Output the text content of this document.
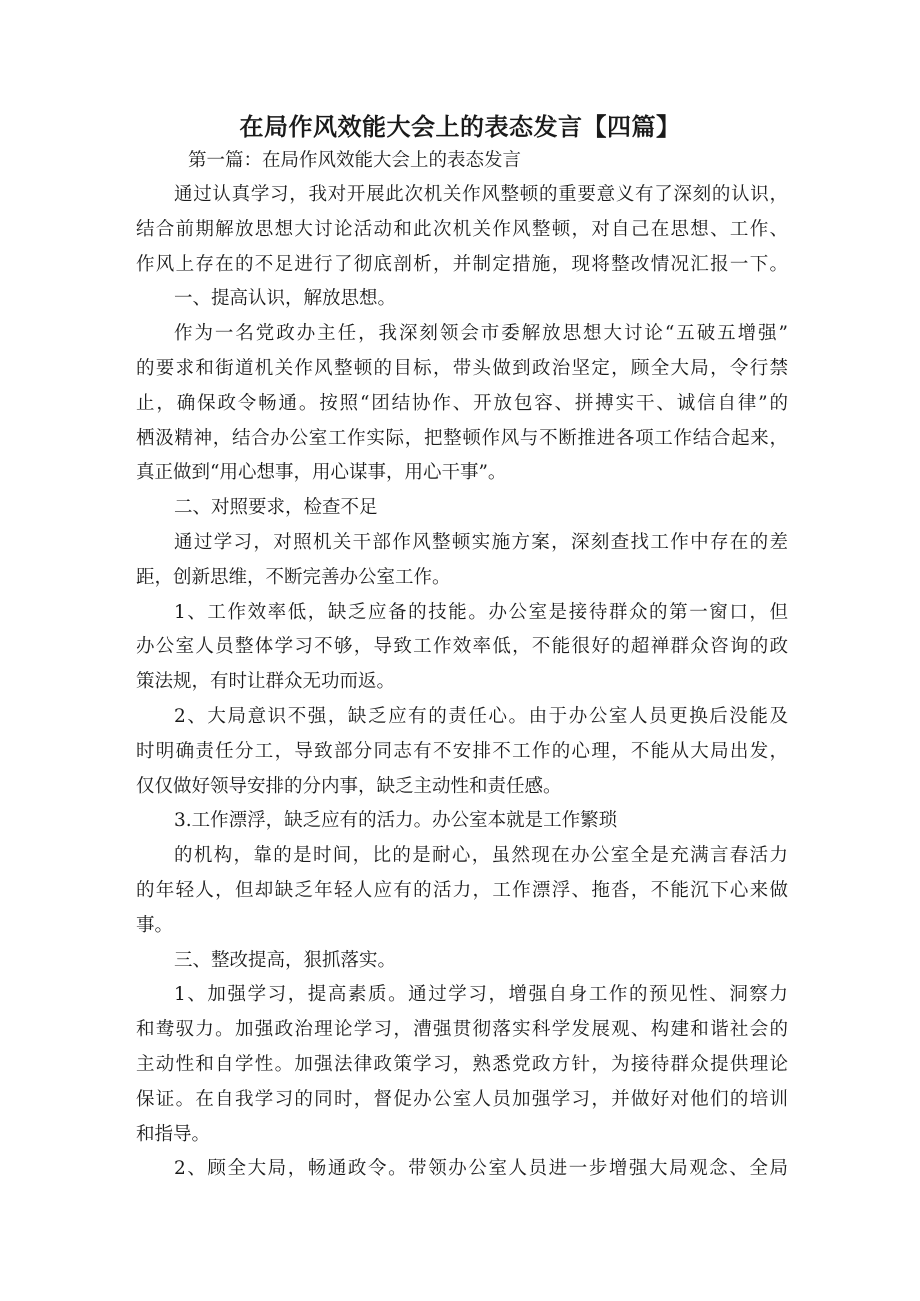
在局作风效能大会上的表态发言【四篇】

第一篇：在局作风效能大会上的表态发言

通过认真学习，我对开展此次机关作风整顿的重要意义有了深刻的认识，

结合前期解放思想大讨论活动和此次机关作风整顿，对自己在思想、工作、

作风上存在的不足进行了彻底剖析，并制定措施，现将整改情况汇报一下。

一、提高认识，解放思想。

作为一名党政办主任，我深刻领会市委解放思想大讨论“五破五增强”

的要求和街道机关作风整顿的目标，带头做到政治坚定，顾全大局，令行禁

止，确保政令畅通。按照“团结协作、开放包容、拼搏实干、诚信自律”的

栖汲精神，结合办公室工作实际，把整顿作风与不断推进各项工作结合起来，

真正做到“用心想事，用心谋事，用心干事”。

二、对照要求，检查不足

通过学习，对照机关干部作风整顿实施方案，深刻查找工作中存在的差

距，创新思维，不断完善办公室工作。

1、工作效率低，缺乏应备的技能。办公室是接待群众的第一窗口，但

办公室人员整体学习不够，导致工作效率低，不能很好的超禅群众咨询的政

策法规，有时让群众无功而返。

2、大局意识不强，缺乏应有的责任心。由于办公室人员更换后没能及

时明确责任分工，导致部分同志有不安排不工作的心理，不能从大局出发，

仅仅做好领导安排的分内事，缺乏主动性和责任感。

3.工作漂浮，缺乏应有的活力。办公室本就是工作繁琐

的机构，靠的是时间，比的是耐心，虽然现在办公室全是充满言春活力

的年轻人，但却缺乏年轻人应有的活力，工作漂浮、拖沓，不能沉下心来做

事。

三、整改提高，狠抓落实。

1、加强学习，提高素质。通过学习，增强自身工作的预见性、洞察力

和鸯驭力。加强政治理论学习，漕强贯彻落实科学发展观、构建和谐社会的

主动性和自学性。加强法律政策学习，熟悉党政方针，为接待群众提供理论

保证。在自我学习的同时，督促办公室人员加强学习，并做好对他们的培训

和指导。

2、顾全大局，畅通政令。带领办公室人员进一步增强大局观念、全局
